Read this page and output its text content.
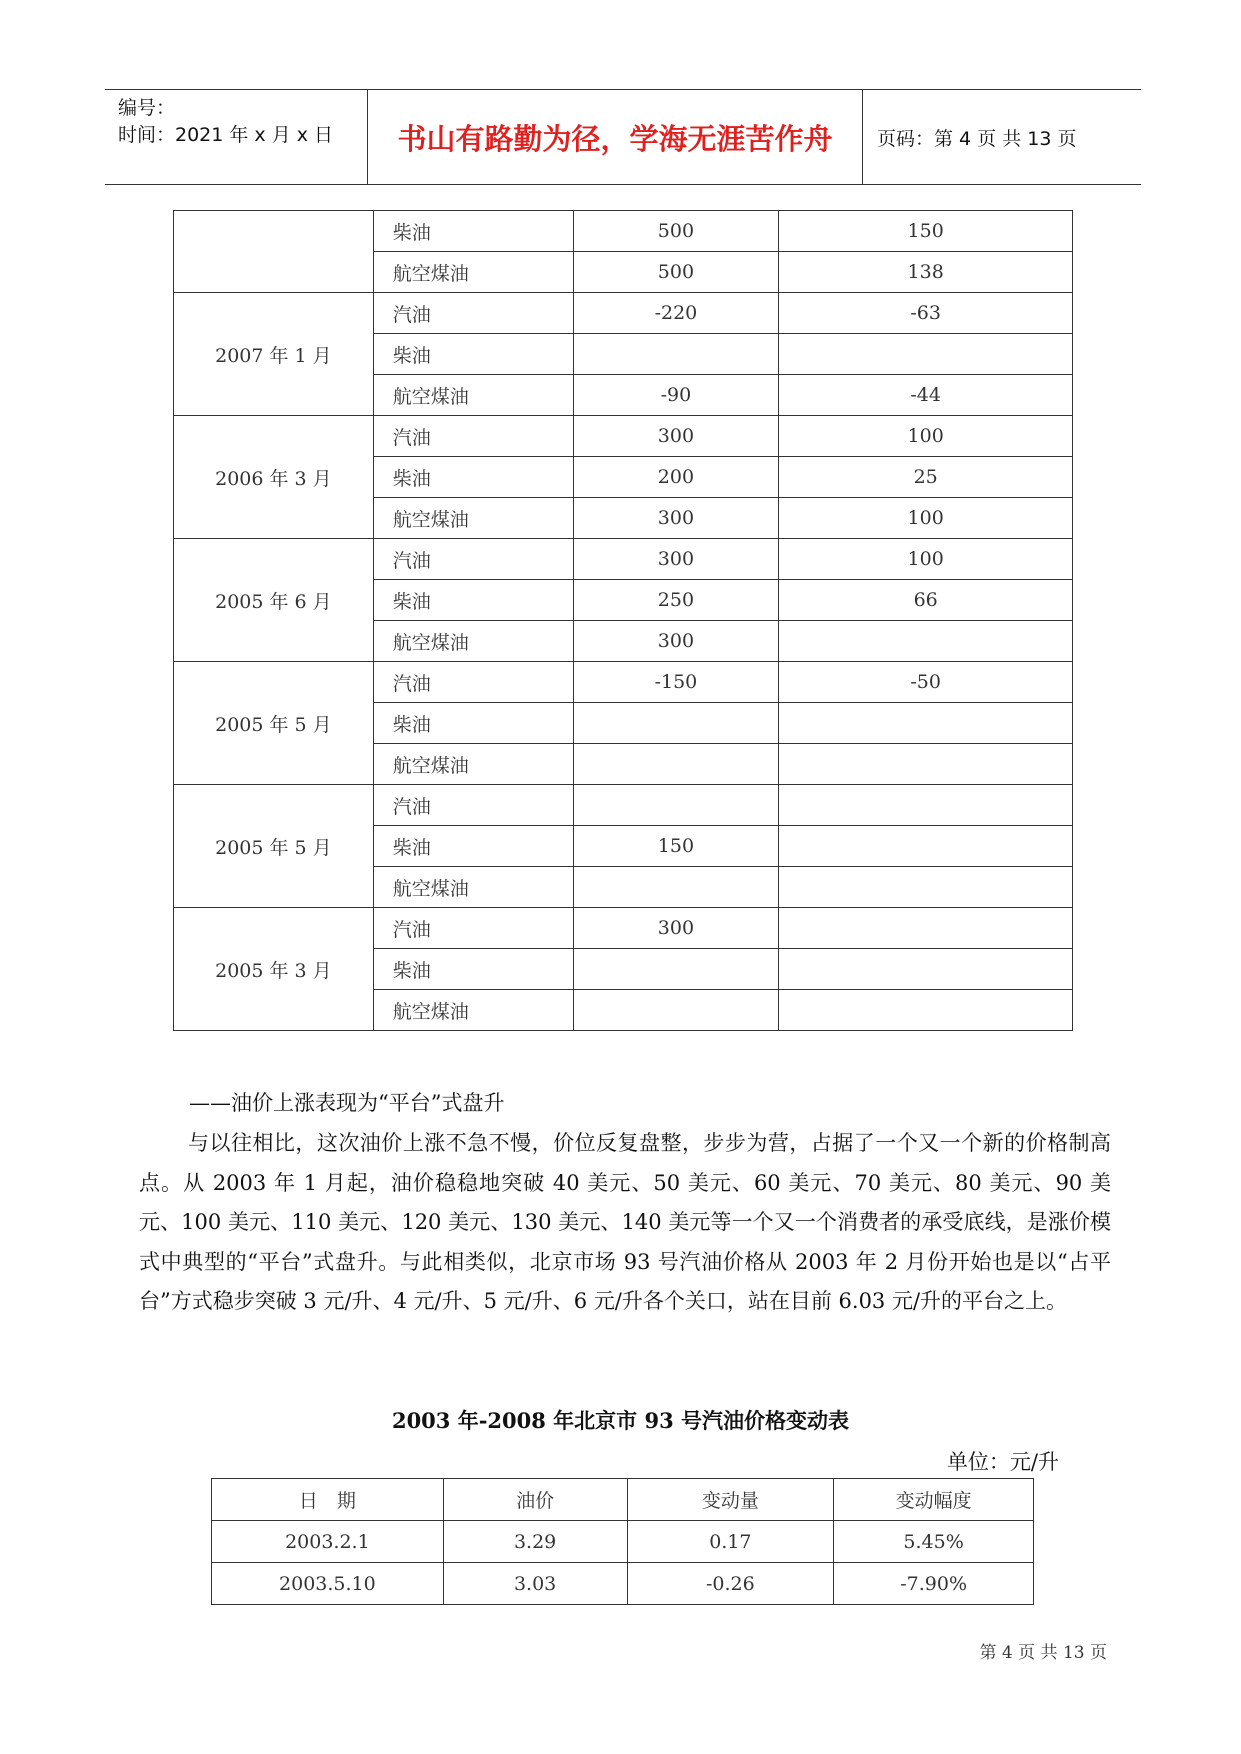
编号：
时间：2021 年 x 月 x 日	书山有路勤为径，学海无涯苦作舟	页码：第 4 页 共 13 页
	柴油	500	150
	航空煤油	500	138
2007 年 1 月	汽油	-220	-63
	柴油		
	航空煤油	-90	-44
2006 年 3 月	汽油	300	100
	柴油	200	25
	航空煤油	300	100
2005 年 6 月	汽油	300	100
	柴油	250	66
	航空煤油	300	
2005 年 5 月	汽油	-150	-50
	柴油		
	航空煤油		
2005 年 5 月	汽油		
	柴油	150	
	航空煤油		
2005 年 3 月	汽油	300	
	柴油		
	航空煤油		
——油价上涨表现为“平台”式盘升
与以往相比，这次油价上涨不急不慢，价位反复盘整，步步为营，占据了一个又一个新的价格制高点。从 2003 年 1 月起，油价稳稳地突破 40 美元、50 美元、60 美元、70 美元、80 美元、90 美元、100 美元、110 美元、120 美元、130 美元、140 美元等一个又一个消费者的承受底线，是涨价模式中典型的“平台”式盘升。与此相类似，北京市场 93 号汽油价格从 2003 年 2 月份开始也是以“占平台”方式稳步突破 3 元/升、4 元/升、5 元/升、6 元/升各个关口，站在目前 6.03 元/升的平台之上。
2003 年-2008 年北京市 93 号汽油价格变动表
单位：元/升
日　期	油价	变动量	变动幅度
2003.2.1	3.29	0.17	5.45%
2003.5.10	3.03	-0.26	-7.90%
第 4 页 共 13 页
